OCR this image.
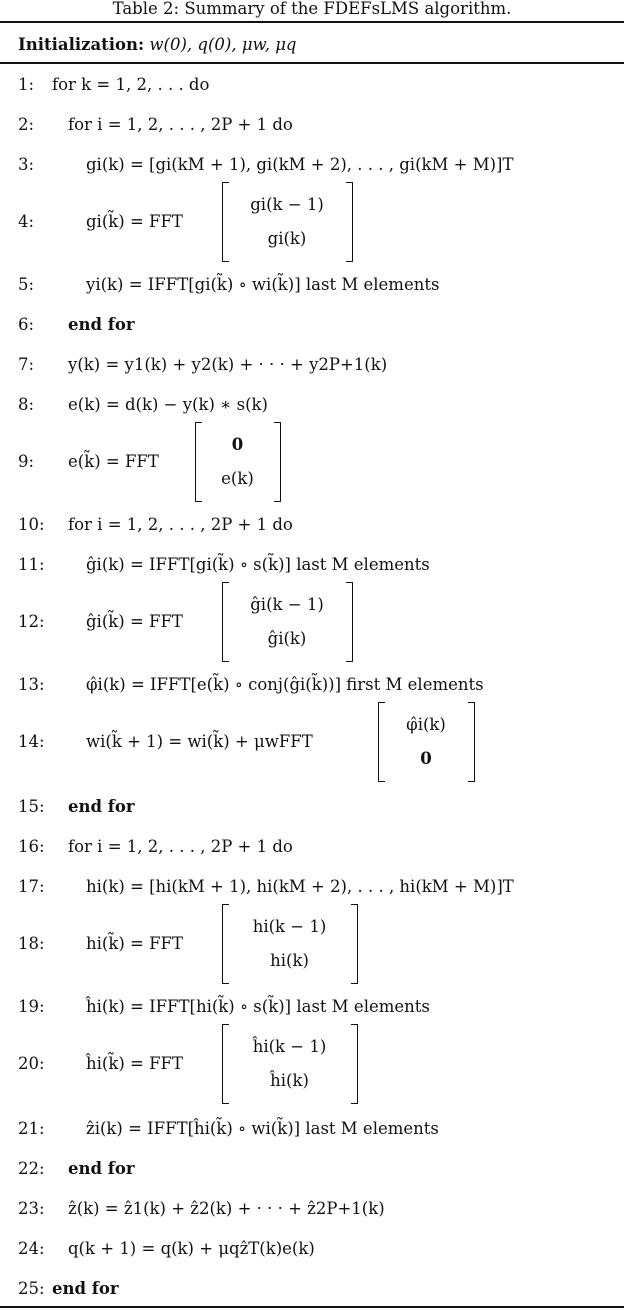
Table 2: Summary of the FDEFsLMS algorithm.
Initialization: w(0), q(0), μw, μq
1: for k = 1, 2, . . . do
2: for i = 1, 2, . . . , 2P + 1 do
3:	gi(k) = [gi(kM + 1), gi(kM + 2), . . . , gi(kM + M)]T
4:	gi(k̃) = FFT
gi(k − 1)
gi(k)
5:	yi(k) = IFFT[gi(k̃) ∘ wi(k̃)] last M elements
6: end for
7: y(k) = y1(k) + y2(k) + · · · + y2P+1(k)
8: e(k) = d(k) − y(k) ∗ s(k)
9: e(k̃) = FFT
0
e(k)
10: for i = 1, 2, . . . , 2P + 1 do
11:	ĝi(k) = IFFT[gi(k̃) ∘ s(k̃)] last M elements
12:	ĝi(k̃) = FFT
ĝi(k − 1)
ĝi(k)
13:	φ̂i(k) = IFFT[e(k̃) ∘ conj(ĝi(k̃))] first M elements
14:	wi(k̃ + 1) = wi(k̃) + μwFFT
φ̂i(k)
0
15: end for
16: for i = 1, 2, . . . , 2P + 1 do
17:	hi(k) = [hi(kM + 1), hi(kM + 2), . . . , hi(kM + M)]T
18:	hi(k̃) = FFT
hi(k − 1)
hi(k)
19:	ĥi(k) = IFFT[hi(k̃) ∘ s(k̃)] last M elements
20:	ĥi(k̃) = FFT
ĥi(k − 1)
ĥi(k)
21:	ẑi(k) = IFFT[ĥi(k̃) ∘ wi(k̃)] last M elements
22: end for
23: ẑ(k) = ẑ1(k) + ẑ2(k) + · · · + ẑ2P+1(k)
24: q(k + 1) = q(k) + μqẑT(k)e(k)
25: end for
